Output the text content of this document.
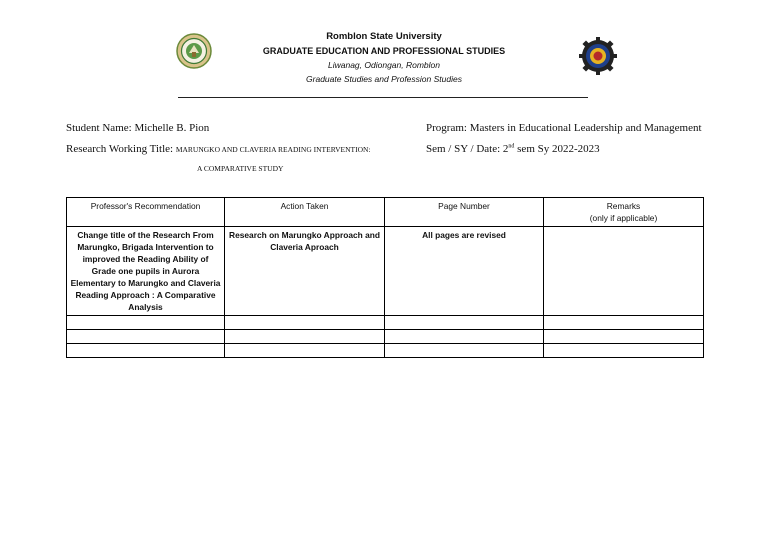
Romblon State University
GRADUATE EDUCATION AND PROFESSIONAL STUDIES
Liwanag, Odiongan, Romblon
Graduate Studies and Profession Studies
Student Name: Michelle B. Pion
Research Working Title: MARUNGKO AND CLAVERIA READING INTERVENTION:
A COMPARATIVE STUDY
Program: Masters in Educational Leadership and Management
Sem / SY / Date: 2nd sem Sy 2022-2023
Professor's Recommendation	Action Taken	Page Number	Remarks
(only if applicable)

Change title of the Research From Marungko, Brigada Intervention to improved the Reading Ability of Grade one pupils in Aurora Elementary to Marungko and Claveria Reading Approach : A Comparative Analysis	Research on Marungko Approach and Claveria Aproach	All pages are revised	
